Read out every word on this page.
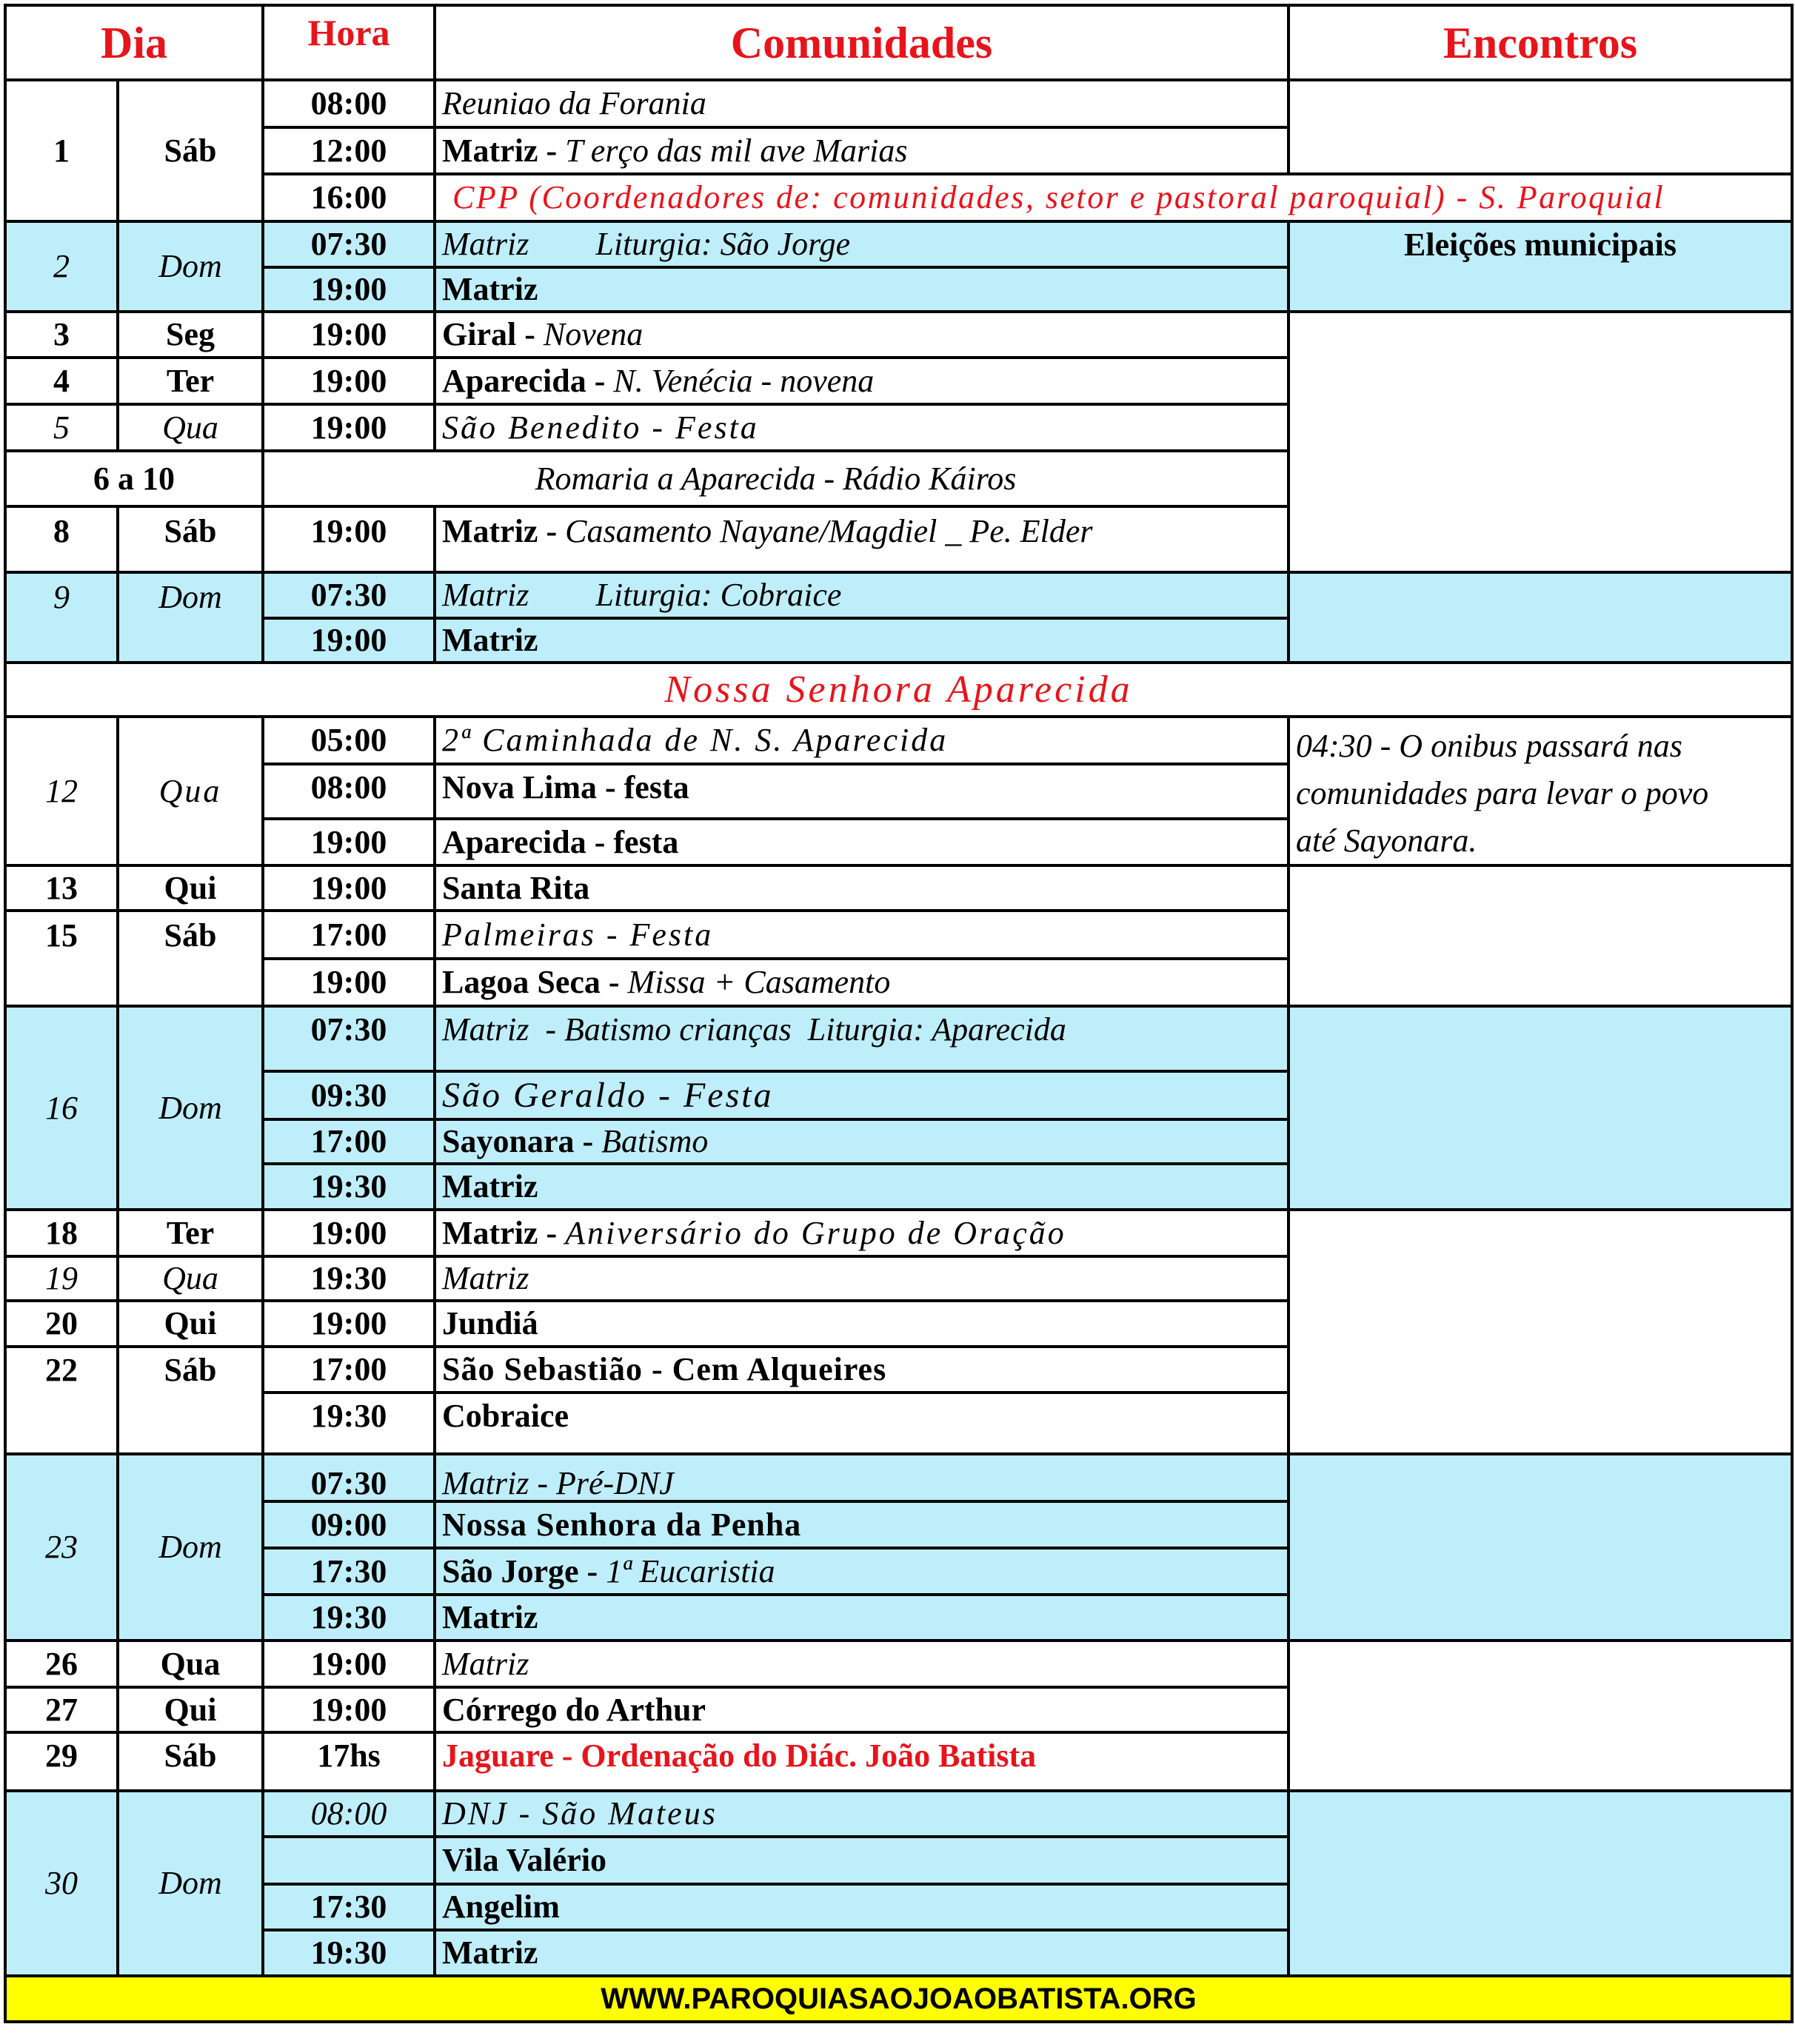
Dia		Hora	Comunidades	Encontros
1	Sáb	08:00	Reuniao da Forania	
		12:00	Matriz - T erço das mil ave Marias	
		16:00	CPP (Coordenadores de: comunidades, setor e pastoral paroquial) - S. Paroquial	
2	Dom	07:30	Matriz Liturgia: São Jorge	Eleições municipais
		19:00	Matriz	
3	Seg	19:00	Giral - Novena	
4	Ter	19:00	Aparecida - N. Venécia - novena	
5	Qua	19:00	São Benedito - Festa	
6 a 10		Romaria a Aparecida - Rádio Káiros		
8	Sáb	19:00	Matriz - Casamento Nayane/Magdiel _ Pe. Elder	
9	Dom	07:30	Matriz Liturgia: Cobraice	
		19:00	Matriz	
Nossa Senhora Aparecida				
12	Qua	05:00	2ª Caminhada de N. S. Aparecida	04:30 - O onibus passará nas
comunidades para levar o povo
até Sayonara.

		08:00	Nova Lima - festa	
		19:00	Aparecida - festa	
13	Qui	19:00	Santa Rita	
15	Sáb	17:00	Palmeiras - Festa	
		19:00	Lagoa Seca - Missa + Casamento	
16	Dom	07:30	Matriz  - Batismo crianças  Liturgia: Aparecida	
		09:30	São Geraldo - Festa	
		17:00	Sayonara - Batismo	
		19:30	Matriz	
18	Ter	19:00	Matriz - Aniversário do Grupo de Oração	
19	Qua	19:30	Matriz	
20	Qui	19:00	Jundiá	
22	Sáb	17:00	São Sebastião - Cem Alqueires	
		19:30	Cobraice	
23	Dom	07:30	Matriz - Pré-DNJ	
		09:00	Nossa Senhora da Penha	
		17:30	São Jorge - 1ª Eucaristia	
		19:30	Matriz	
26	Qua	19:00	Matriz	
27	Qui	19:00	Córrego do Arthur	
29	Sáb	17hs	Jaguare - Ordenação do Diác. João Batista	
30	Dom	08:00	DNJ - São Mateus	
			Vila Valério	
		17:30	Angelim	
		19:30	Matriz	
WWW.PAROQUIASAOJOAOBATISTA.ORG				
